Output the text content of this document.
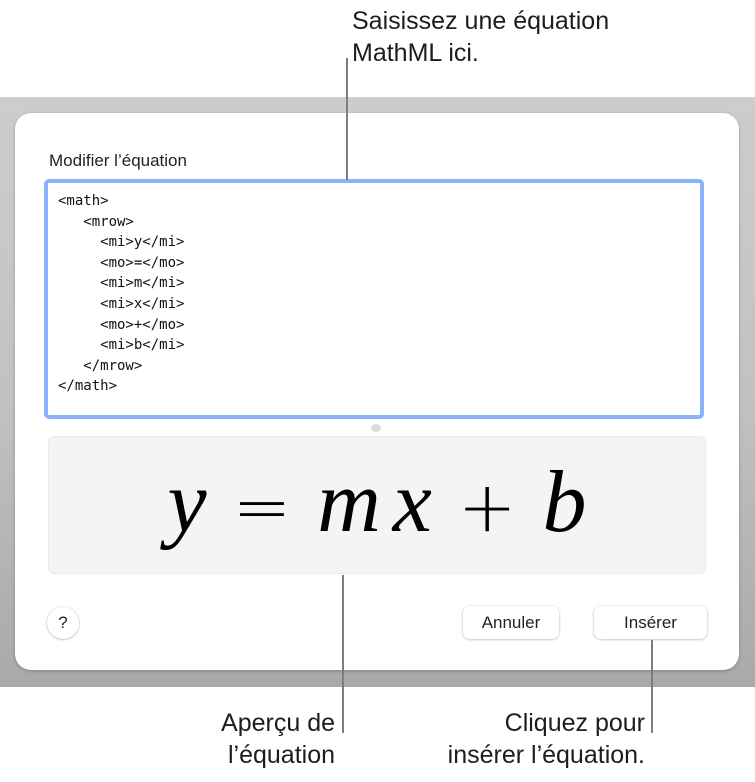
Saisissez une équation
MathML ici.
Modifier l’équation
<math> <mrow> <mi>y</mi> <mo>=</mo> <mi>m</mi> <mi>x</mi> <mo>+</mo> <mi>b</mi> </mrow> </math>
y = m x + b
?	Annuler	Insérer
Aperçu de
l’équation
Cliquez pour
insérer l’équation.
